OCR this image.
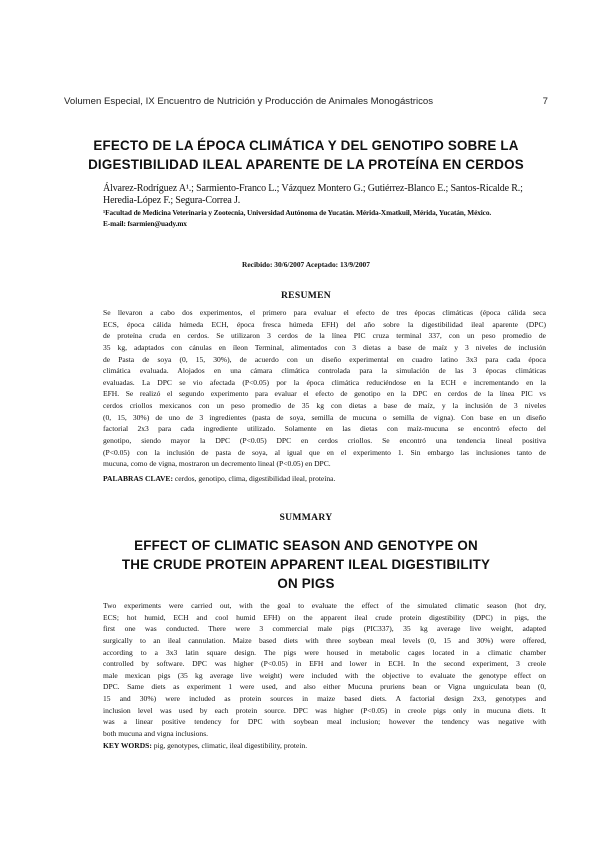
Volumen Especial, IX Encuentro de Nutrición y Producción de Animales Monogástricos	7
EFECTO DE LA ÉPOCA CLIMÁTICA Y DEL GENOTIPO SOBRE LA
DIGESTIBILIDAD ILEAL APARENTE DE LA PROTEÍNA EN CERDOS
Álvarez-Rodríguez A¹.; Sarmiento-Franco L.; Vázquez Montero G.; Gutiérrez-Blanco E.; Santos-Ricalde R.;
Heredia-López F.; Segura-Correa J.
¹Facultad de Medicina Veterinaria y Zootecnia, Universidad Autónoma de Yucatán. Mérida-Xmatkuil, Mérida, Yucatán, México.
E-mail: fsarmien@uady.mx
Recibido: 30/6/2007 Aceptado: 13/9/2007
RESUMEN
Se llevaron a cabo dos experimentos, el primero para evaluar el efecto de tres épocas climáticas (época cálida seca
ECS, época cálida húmeda ECH, época fresca húmeda EFH) del año sobre la digestibilidad ileal aparente (DPC)
de proteína cruda en cerdos. Se utilizaron 3 cerdos de la línea PIC cruza terminal 337, con un peso promedio de
35 kg, adaptados con cánulas en íleon Terminal, alimentados con 3 dietas a base de maíz y 3 niveles de inclusión
de Pasta de soya (0, 15, 30%), de acuerdo con un diseño experimental en cuadro latino 3x3 para cada época
climática evaluada. Alojados en una cámara climática controlada para la simulación de las 3 épocas climáticas
evaluadas. La DPC se vio afectada (P<0.05) por la época climática reduciéndose en la ECH e incrementando en la
EFH. Se realizó el segundo experimento para evaluar el efecto de genotipo en la DPC en cerdos de la línea PIC vs
cerdos criollos mexicanos con un peso promedio de 35 kg con dietas a base de maíz, y la inclusión de 3 niveles
(0, 15, 30%) de uno de 3 ingredientes (pasta de soya, semilla de mucuna o semilla de vigna). Con base en un diseño
factorial 2x3 para cada ingrediente utilizado. Solamente en las dietas con maíz-mucuna se encontró efecto del
genotipo, siendo mayor la DPC (P<0.05) DPC en cerdos criollos. Se encontró una tendencia lineal positiva
(P<0.05) con la inclusión de pasta de soya, al igual que en el experimento 1. Sin embargo las inclusiones tanto de
mucuna, como de vigna, mostraron un decremento lineal (P<0.05) en DPC.
PALABRAS CLAVE: cerdos, genotipo, clima, digestibilidad ileal, proteína.
SUMMARY
EFFECT OF CLIMATIC SEASON AND GENOTYPE ON
THE CRUDE PROTEIN APPARENT ILEAL DIGESTIBILITY
ON PIGS
Two experiments were carried out, with the goal to evaluate the effect of the simulated climatic season (hot dry,
ECS; hot humid, ECH and cool humid EFH) on the apparent ileal crude protein digestibility (DPC) in pigs, the
first one was conducted. There were 3 commercial male pigs (PIC337), 35 kg average live weight, adapted
surgically to an ileal cannulation. Maize based diets with three soybean meal levels (0, 15 and 30%) were offered,
according to a 3x3 latin square design. The pigs were housed in metabolic cages located in a climatic chamber
controlled by software. DPC was higher (P<0.05) in EFH and lower in ECH. In the second experiment, 3 creole
male mexican pigs (35 kg average live weight) were included with the objective to evaluate the genotype effect on
DPC. Same diets as experiment 1 were used, and also either Mucuna pruriens bean or Vigna unguiculata bean (0,
15 and 30%) were included as protein sources in maize based diets. A factorial design 2x3, genotypes and
inclusion level was used by each protein source. DPC was higher (P<0.05) in creole pigs only in mucuna diets. It
was a linear positive tendency for DPC with soybean meal inclusion; however the tendency was negative with
both mucuna and vigna inclusions.
KEY WORDS: pig, genotypes, climatic, ileal digestibility, protein.
